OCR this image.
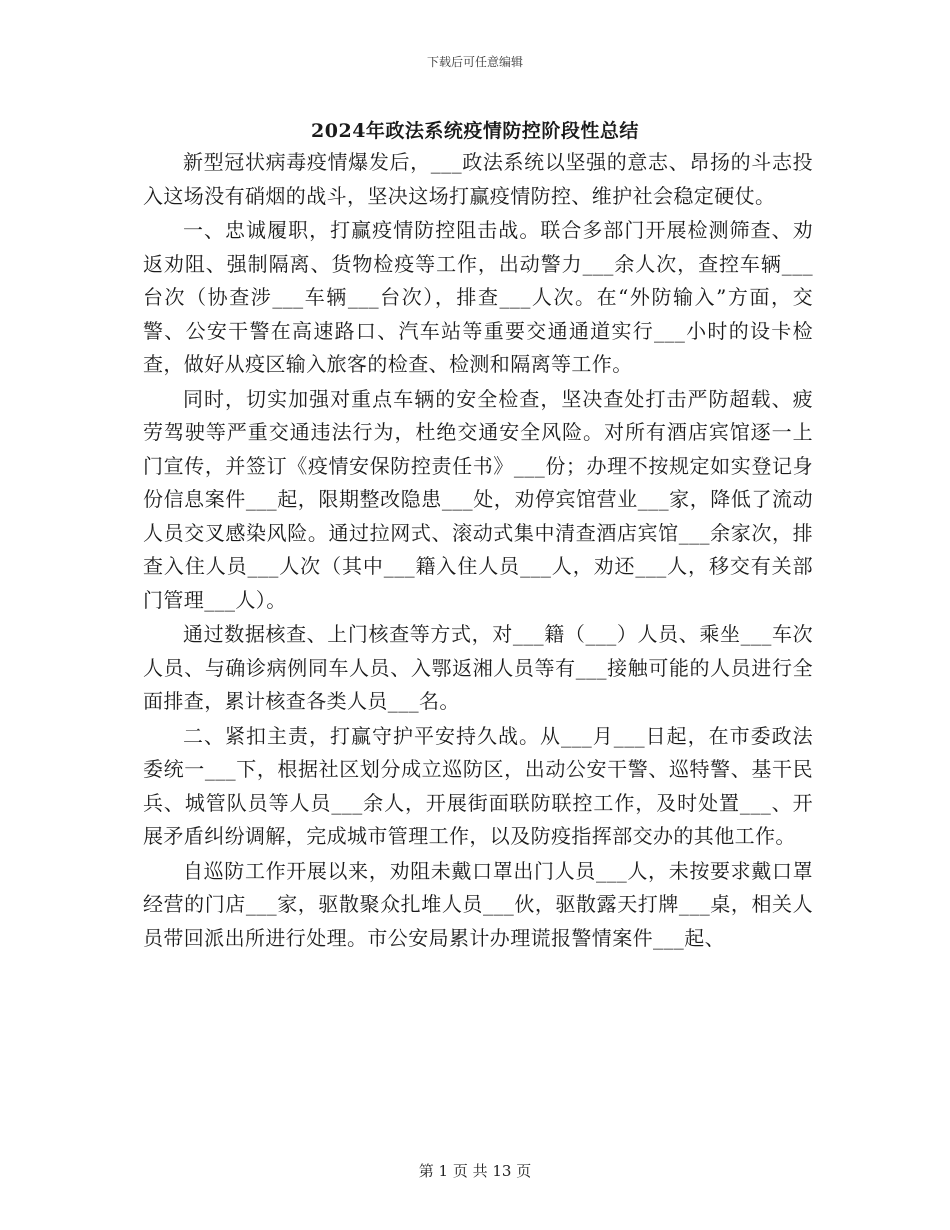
下载后可任意编辑
2024年政法系统疫情防控阶段性总结

新型冠状病毒疫情爆发后，___政法系统以坚强的意志、昂扬的斗志投入这场没有硝烟的战斗，坚决这场打赢疫情防控、维护社会稳定硬仗。

一、忠诚履职，打赢疫情防控阻击战。联合多部门开展检测筛查、劝返劝阻、强制隔离、货物检疫等工作，出动警力___余人次，查控车辆___台次（协查涉___车辆___台次），排查___人次。在“外防输入”方面，交警、公安干警在高速路口、汽车站等重要交通通道实行___小时的设卡检查，做好从疫区输入旅客的检查、检测和隔离等工作。

同时，切实加强对重点车辆的安全检查，坚决查处打击严防超载、疲劳驾驶等严重交通违法行为，杜绝交通安全风险。对所有酒店宾馆逐一上门宣传，并签订《疫情安保防控责任书》___份；办理不按规定如实登记身份信息案件___起，限期整改隐患___处，劝停宾馆营业___家，降低了流动人员交叉感染风险。通过拉网式、滚动式集中清查酒店宾馆___余家次，排查入住人员___人次（其中___籍入住人员___人，劝还___人，移交有关部门管理___人）。

通过数据核查、上门核查等方式，对___籍（___）人员、乘坐___车次人员、与确诊病例同车人员、入鄂返湘人员等有___接触可能的人员进行全面排查，累计核查各类人员___名。

二、紧扣主责，打赢守护平安持久战。从___月___日起，在市委政法委统一___下，根据社区划分成立巡防区，出动公安干警、巡特警、基干民兵、城管队员等人员___余人，开展街面联防联控工作，及时处置___、开展矛盾纠纷调解，完成城市管理工作，以及防疫指挥部交办的其他工作。

自巡防工作开展以来，劝阻未戴口罩出门人员___人，未按要求戴口罩经营的门店___家，驱散聚众扎堆人员___伙，驱散露天打牌___桌，相关人员带回派出所进行处理。市公安局累计办理谎报警情案件___起、

第 1 页 共 13 页
